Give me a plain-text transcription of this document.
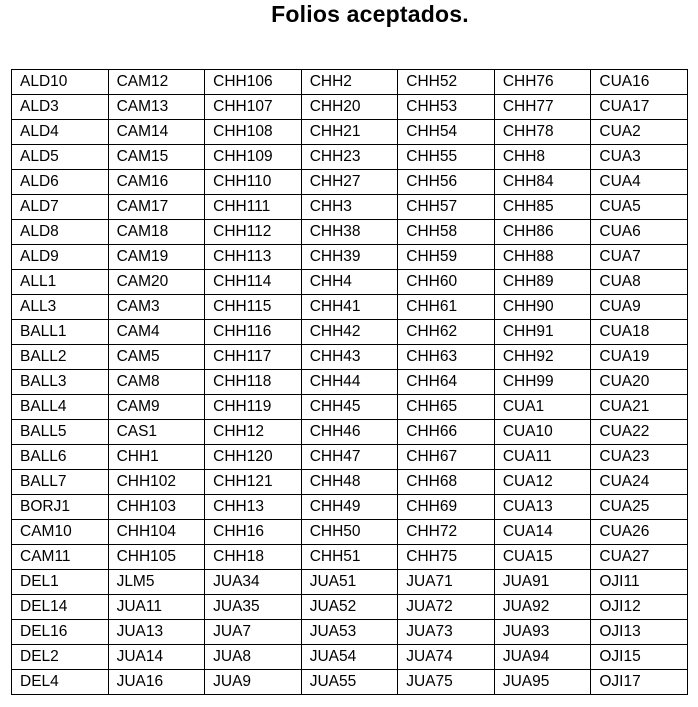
Folios aceptados.
ALD10	CAM12	CHH106	CHH2	CHH52	CHH76	CUA16
ALD3	CAM13	CHH107	CHH20	CHH53	CHH77	CUA17
ALD4	CAM14	CHH108	CHH21	CHH54	CHH78	CUA2
ALD5	CAM15	CHH109	CHH23	CHH55	CHH8	CUA3
ALD6	CAM16	CHH110	CHH27	CHH56	CHH84	CUA4
ALD7	CAM17	CHH111	CHH3	CHH57	CHH85	CUA5
ALD8	CAM18	CHH112	CHH38	CHH58	CHH86	CUA6
ALD9	CAM19	CHH113	CHH39	CHH59	CHH88	CUA7
ALL1	CAM20	CHH114	CHH4	CHH60	CHH89	CUA8
ALL3	CAM3	CHH115	CHH41	CHH61	CHH90	CUA9
BALL1	CAM4	CHH116	CHH42	CHH62	CHH91	CUA18
BALL2	CAM5	CHH117	CHH43	CHH63	CHH92	CUA19
BALL3	CAM8	CHH118	CHH44	CHH64	CHH99	CUA20
BALL4	CAM9	CHH119	CHH45	CHH65	CUA1	CUA21
BALL5	CAS1	CHH12	CHH46	CHH66	CUA10	CUA22
BALL6	CHH1	CHH120	CHH47	CHH67	CUA11	CUA23
BALL7	CHH102	CHH121	CHH48	CHH68	CUA12	CUA24
BORJ1	CHH103	CHH13	CHH49	CHH69	CUA13	CUA25
CAM10	CHH104	CHH16	CHH50	CHH72	CUA14	CUA26
CAM11	CHH105	CHH18	CHH51	CHH75	CUA15	CUA27
DEL1	JLM5	JUA34	JUA51	JUA71	JUA91	OJI11
DEL14	JUA11	JUA35	JUA52	JUA72	JUA92	OJI12
DEL16	JUA13	JUA7	JUA53	JUA73	JUA93	OJI13
DEL2	JUA14	JUA8	JUA54	JUA74	JUA94	OJI15
DEL4	JUA16	JUA9	JUA55	JUA75	JUA95	OJI17
